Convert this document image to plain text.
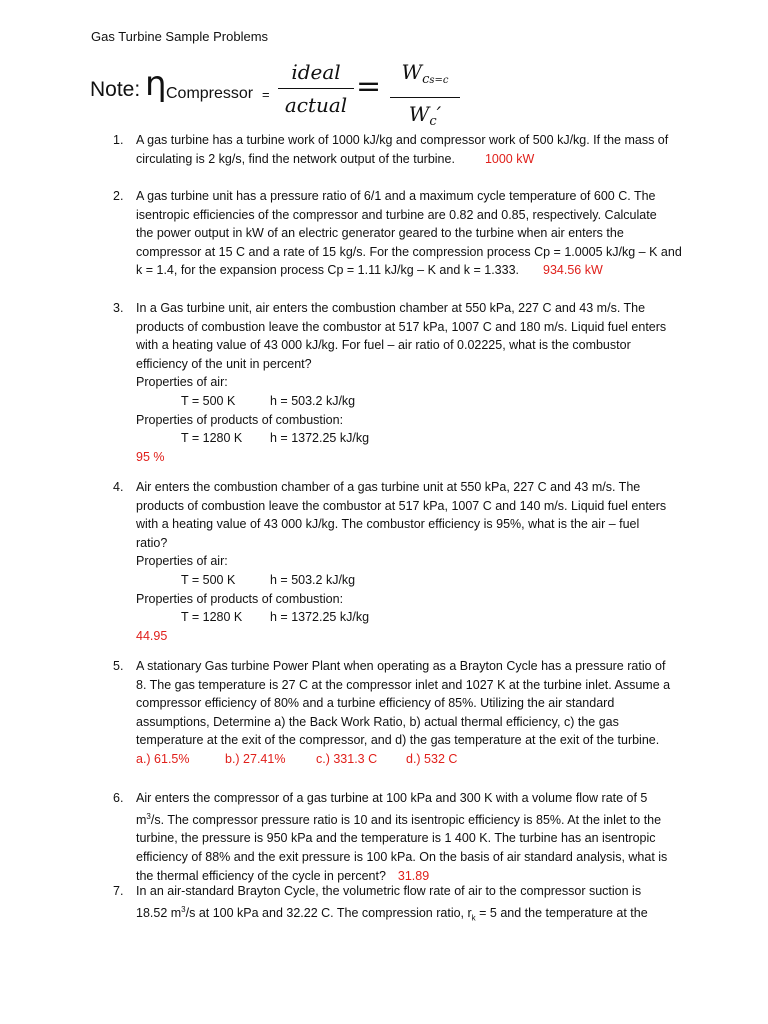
Gas Turbine Sample Problems
Note: η Compressor =
ideal
actual
=	$W_{cs=c}$
$W_c'$
1. A gas turbine has a turbine work of 1000 kJ/kg and compressor work of 500 kJ/kg. If the mass of
circulating is 2 kg/s, find the network output of the turbine. 1000 kW
2. A gas turbine unit has a pressure ratio of 6/1 and a maximum cycle temperature of 600 C. The
isentropic efficiencies of the compressor and turbine are 0.82 and 0.85, respectively. Calculate
the power output in kW of an electric generator geared to the turbine when air enters the
compressor at 15 C and a rate of 15 kg/s. For the compression process Cp = 1.0005 kJ/kg – K and
k = 1.4, for the expansion process Cp = 1.11 kJ/kg – K and k = 1.333. 934.56 kW
3. In a Gas turbine unit, air enters the combustion chamber at 550 kPa, 227 C and 43 m/s. The
products of combustion leave the combustor at 517 kPa, 1007 C and 180 m/s. Liquid fuel enters
with a heating value of 43 000 kJ/kg. For fuel – air ratio of 0.02225, what is the combustor
efficiency of the unit in percent?
Properties of air:
T = 500 K	h = 503.2 kJ/kg
Properties of products of combustion:
T = 1280 K h = 1372.25 kJ/kg
95 %
4. Air enters the combustion chamber of a gas turbine unit at 550 kPa, 227 C and 43 m/s. The
products of combustion leave the combustor at 517 kPa, 1007 C and 140 m/s. Liquid fuel enters
with a heating value of 43 000 kJ/kg. The combustor efficiency is 95%, what is the air – fuel
ratio?
Properties of air:
T = 500 K	h = 503.2 kJ/kg
Properties of products of combustion:
T = 1280 K h = 1372.25 kJ/kg
44.95
5. A stationary Gas turbine Power Plant when operating as a Brayton Cycle has a pressure ratio of
8. The gas temperature is 27 C at the compressor inlet and 1027 K at the turbine inlet. Assume a
compressor efficiency of 80% and a turbine efficiency of 85%. Utilizing the air standard
assumptions, Determine a) the Back Work Ratio, b) actual thermal efficiency, c) the gas
temperature at the exit of the compressor, and d) the gas temperature at the exit of the turbine.
a.) 61.5%	b.) 27.41% c.) 331.3 C d.) 532 C
6. Air enters the compressor of a gas turbine at 100 kPa and 300 K with a volume flow rate of 5
$m^3/s$. The compressor pressure ratio is 10 and its isentropic efficiency is 85%. At the inlet to the
turbine, the pressure is 950 kPa and the temperature is 1 400 K. The turbine has an isentropic
efficiency of 88% and the exit pressure is 100 kPa. On the basis of air standard analysis, what is
the thermal efficiency of the cycle in percent? 31.89
7. In an air-standard Brayton Cycle, the volumetric flow rate of air to the compressor suction is
18.52 $m^3/s$ at 100 kPa and 32.22 C. The compression ratio, $r_k = 5$ and the temperature at the
